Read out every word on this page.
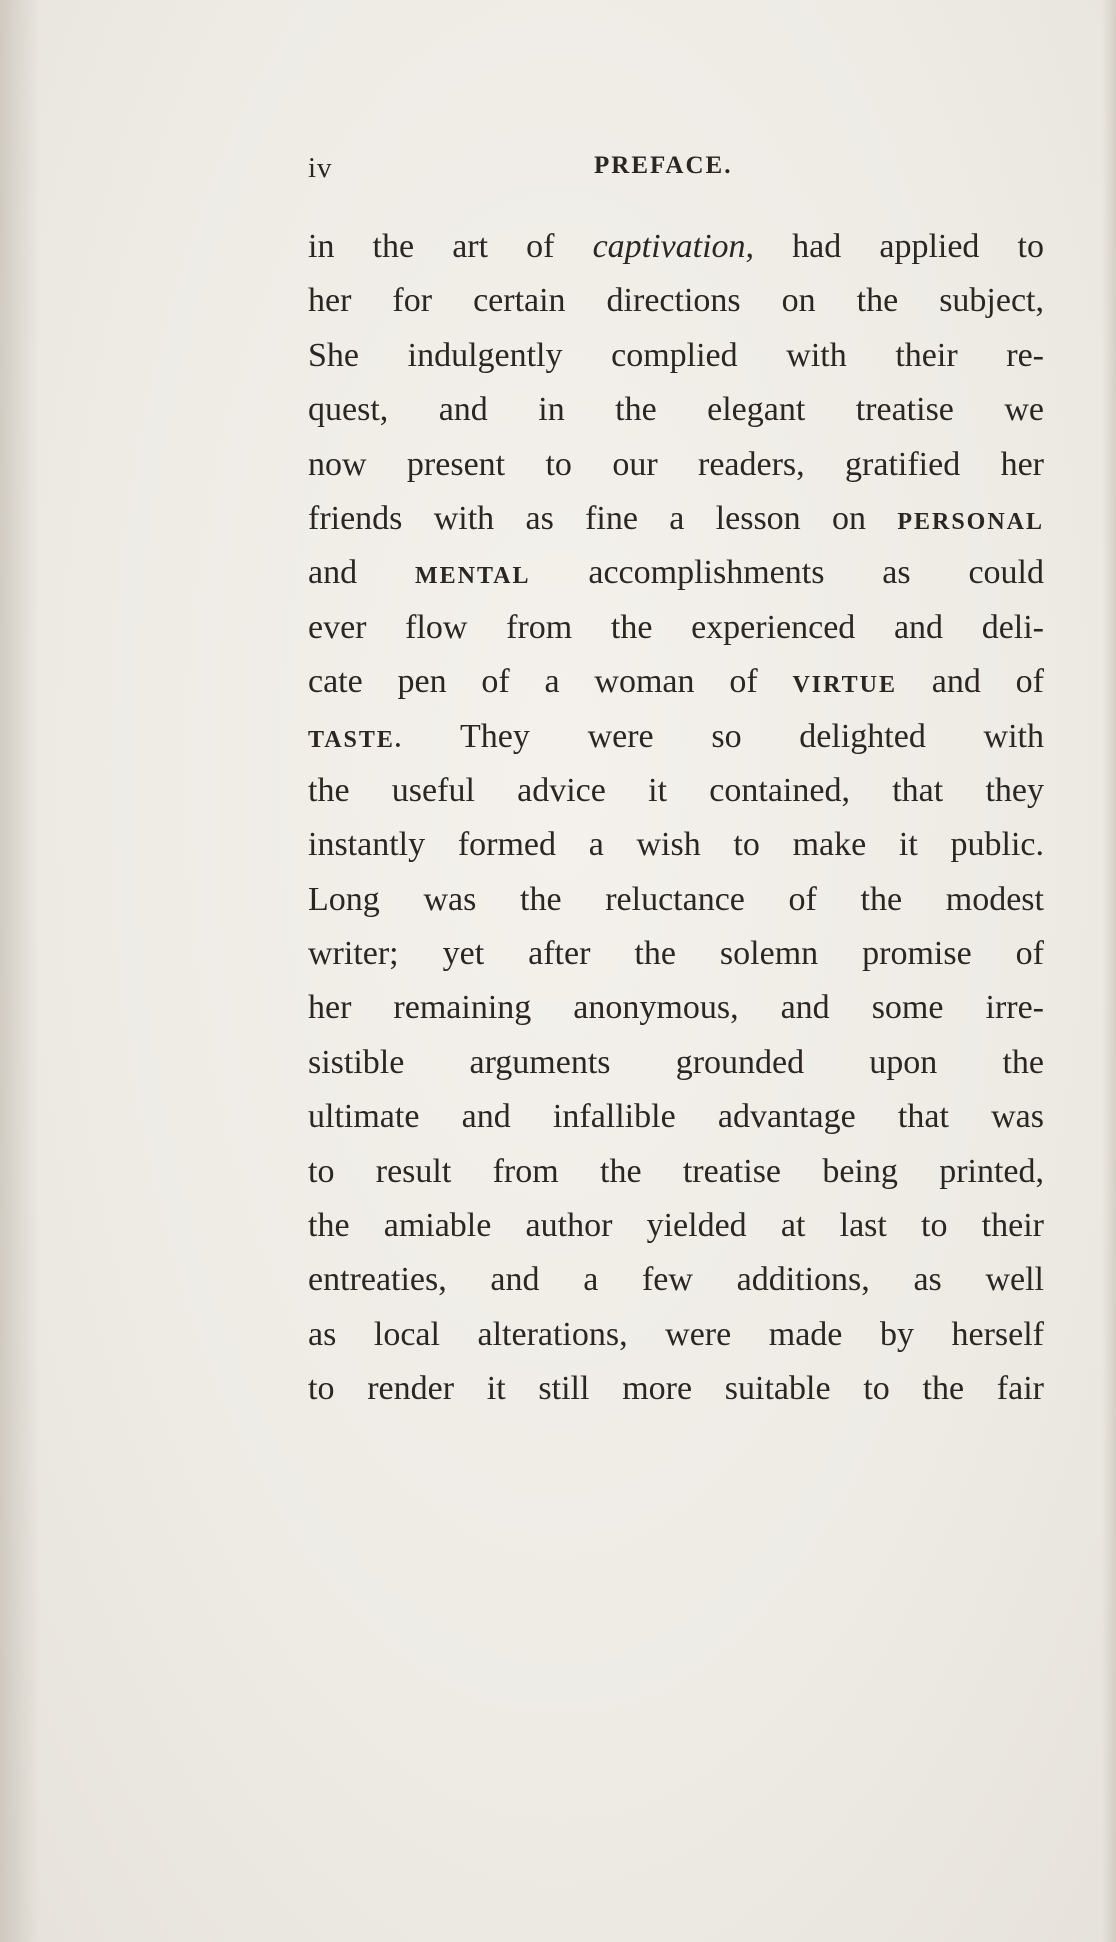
iv	PREFACE.
in the art of captivation, had applied to
her for certain directions on the subject,
She indulgently complied with their re-
quest, and in the elegant treatise we
now present to our readers, gratified her
friends with as fine a lesson on PERSONAL
and MENTAL accomplishments as could
ever flow from the experienced and deli-
cate pen of a woman of VIRTUE and of
TASTE. They were so delighted with
the useful advice it contained, that they
instantly formed a wish to make it public.
Long was the reluctance of the modest
writer; yet after the solemn promise of
her remaining anonymous, and some irre-
sistible arguments grounded upon the
ultimate and infallible advantage that was
to result from the treatise being printed,
the amiable author yielded at last to their
entreaties, and a few additions, as well
as local alterations, were made by herself
to render it still more suitable to the fair
